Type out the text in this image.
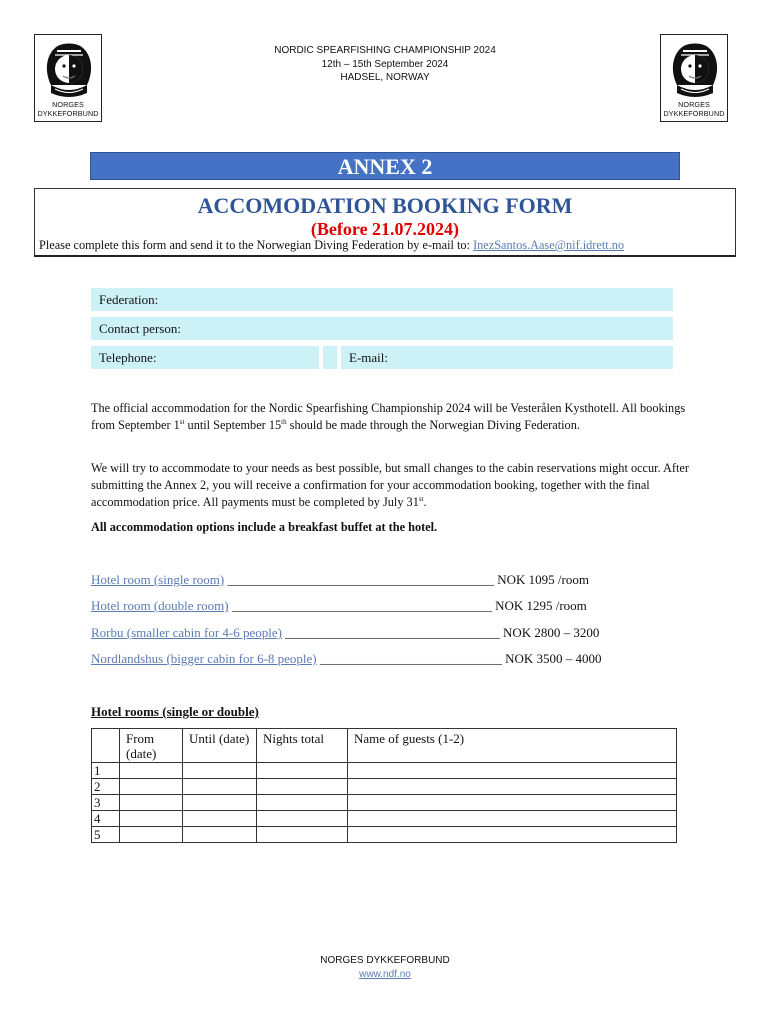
NORGES
DYKKEFORBUND
NORGES
DYKKEFORBUND
NORDIC SPEARFISHING CHAMPIONSHIP 2024
12th – 15th September 2024
HADSEL, NORWAY
ANNEX 2
ACCOMODATION BOOKING FORM
(Before 21.07.2024)
Please complete this form and send it to the Norwegian Diving Federation by e-mail to: InezSantos.Aase@nif.idrett.no
Federation:
Contact person:
Telephone:	E-mail:
The official accommodation for the Nordic Spearfishing Championship 2024 will be Vesterålen Kysthotell. All bookings from September 1st until September 15th should be made through the Norwegian Diving Federation.
We will try to accommodate to your needs as best possible, but small changes to the cabin reservations might occur. After submitting the Annex 2, you will receive a confirmation for your accommodation booking, together with the final accommodation price. All payments must be completed by July 31st.
All accommodation options include a breakfast buffet at the hotel.
Hotel room (single room) _________________________________________ NOK 1095 /room
Hotel room (double room) ________________________________________ NOK 1295 /room
Rorbu (smaller cabin for 4-6 people) _________________________________ NOK 2800 – 3200
Nordlandshus (bigger cabin for 6-8 people) ____________________________ NOK 3500 – 4000
Hotel rooms (single or double)
	From (date)	Until (date)	Nights total	Name of guests (1-2)
1				
2				
3				
4				
5				
NORGES DYKKEFORBUND
www.ndf.no
